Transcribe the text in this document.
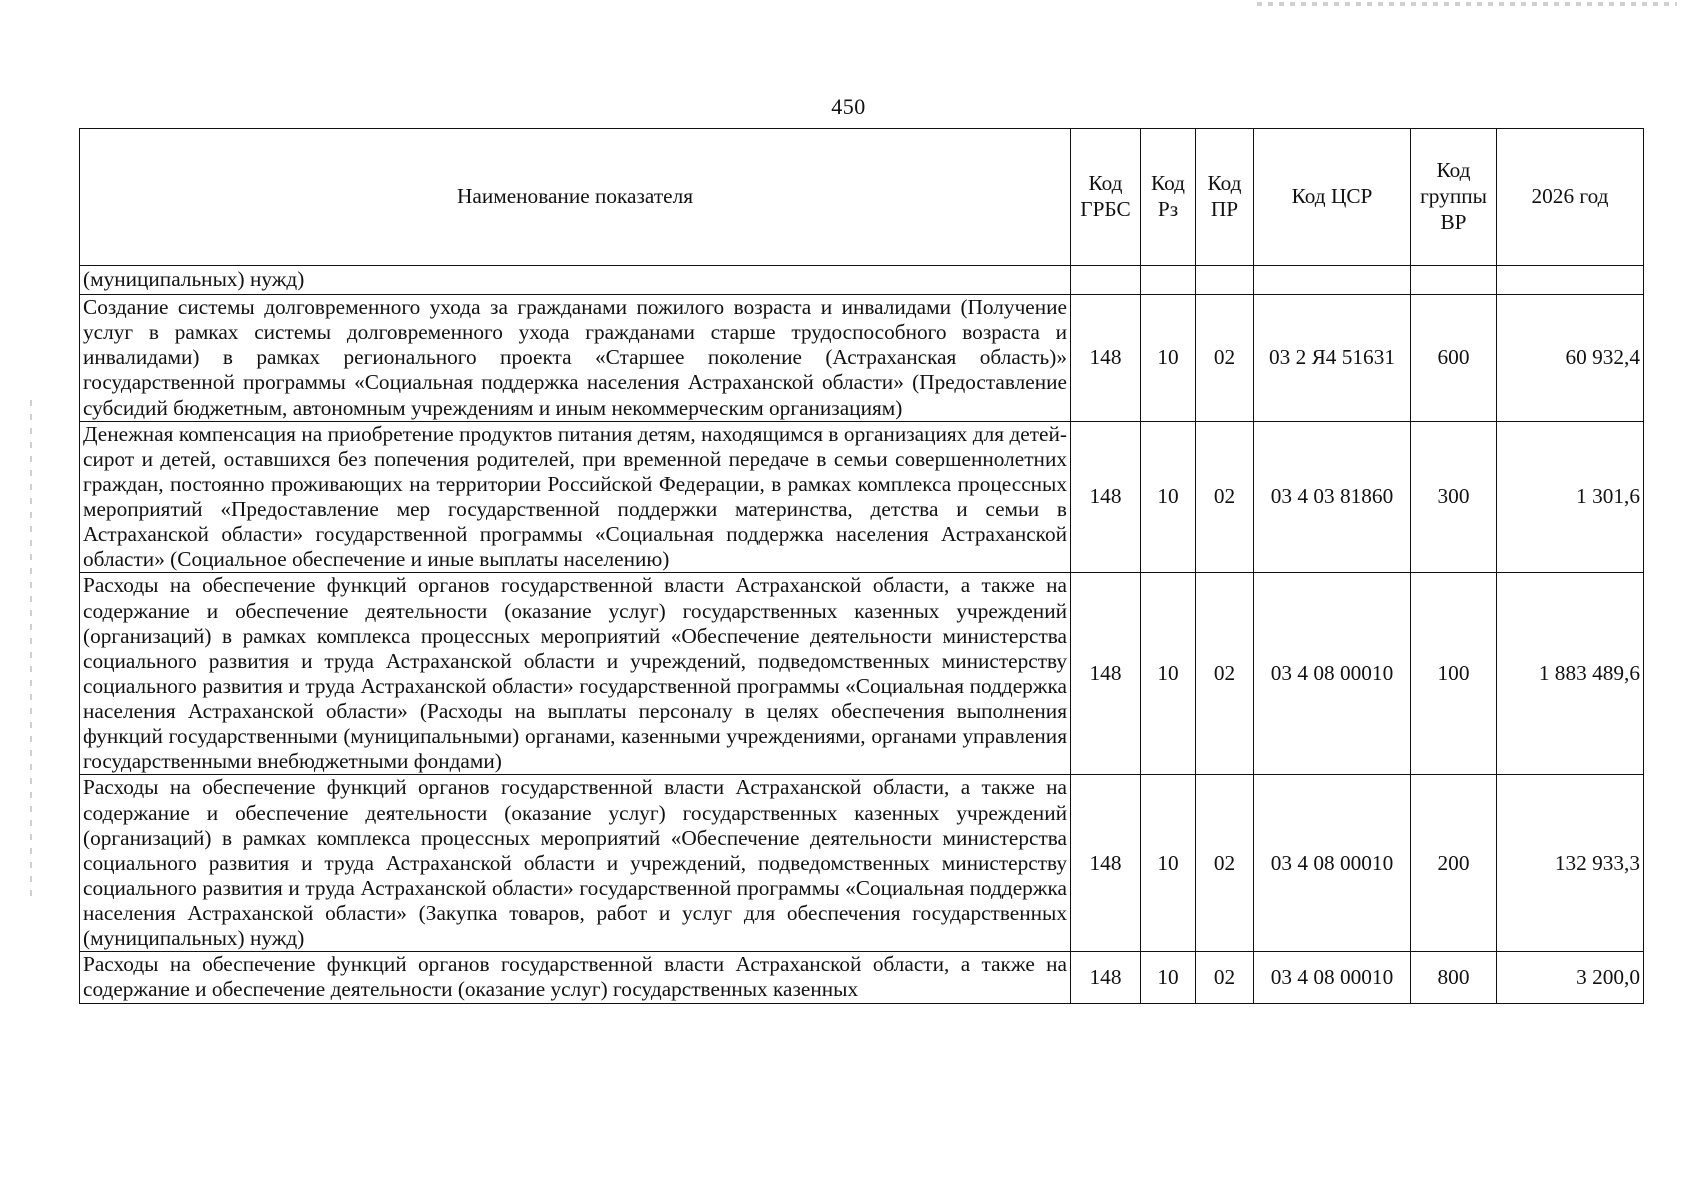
450
Наименование показателя	Код ГРБС	Код Рз	Код ПР	Код ЦСР	Код группы ВР	2026 год
(муниципальных) нужд)						
Создание системы долговременного ухода за гражданами пожилого возраста и инвалидами (Получение услуг в рамках системы долговременного ухода гражданами старше трудоспособного возраста и инвалидами) в рамках регионального проекта «Старшее поколение (Астраханская область)» государственной программы «Социальная поддержка населения Астраханской области» (Предоставление субсидий бюджетным, автономным учреждениям и иным некоммерческим организациям)	148	10	02	03 2 Я4 51631	600	60 932,4
Денежная компенсация на приобретение продуктов питания детям, находящимся в организациях для детей-сирот и детей, оставшихся без попечения родителей, при временной передаче в семьи совершеннолетних граждан, постоянно проживающих на территории Российской Федерации, в рамках комплекса процессных мероприятий «Предоставление мер государственной поддержки материнства, детства и семьи в Астраханской области» государственной программы «Социальная поддержка населения Астраханской области» (Социальное обеспечение и иные выплаты населению)	148	10	02	03 4 03 81860	300	1 301,6
Расходы на обеспечение функций органов государственной власти Астраханской области, а также на содержание и обеспечение деятельности (оказание услуг) государственных казенных учреждений (организаций) в рамках комплекса процессных мероприятий «Обеспечение деятельности министерства социального развития и труда Астраханской области и учреждений, подведомственных министерству социального развития и труда Астраханской области» государственной программы «Социальная поддержка населения Астраханской области» (Расходы на выплаты персоналу в целях обеспечения выполнения функций государственными (муниципальными) органами, казенными учреждениями, органами управления государственными внебюджетными фондами)	148	10	02	03 4 08 00010	100	1 883 489,6
Расходы на обеспечение функций органов государственной власти Астраханской области, а также на содержание и обеспечение деятельности (оказание услуг) государственных казенных учреждений (организаций) в рамках комплекса процессных мероприятий «Обеспечение деятельности министерства социального развития и труда Астраханской области и учреждений, подведомственных министерству социального развития и труда Астраханской области» государственной программы «Социальная поддержка населения Астраханской области» (Закупка товаров, работ и услуг для обеспечения государственных (муниципальных) нужд)	148	10	02	03 4 08 00010	200	132 933,3
Расходы на обеспечение функций органов государственной власти Астраханской области, а также на содержание и обеспечение деятельности (оказание услуг) государственных казенных	148	10	02	03 4 08 00010	800	3 200,0
